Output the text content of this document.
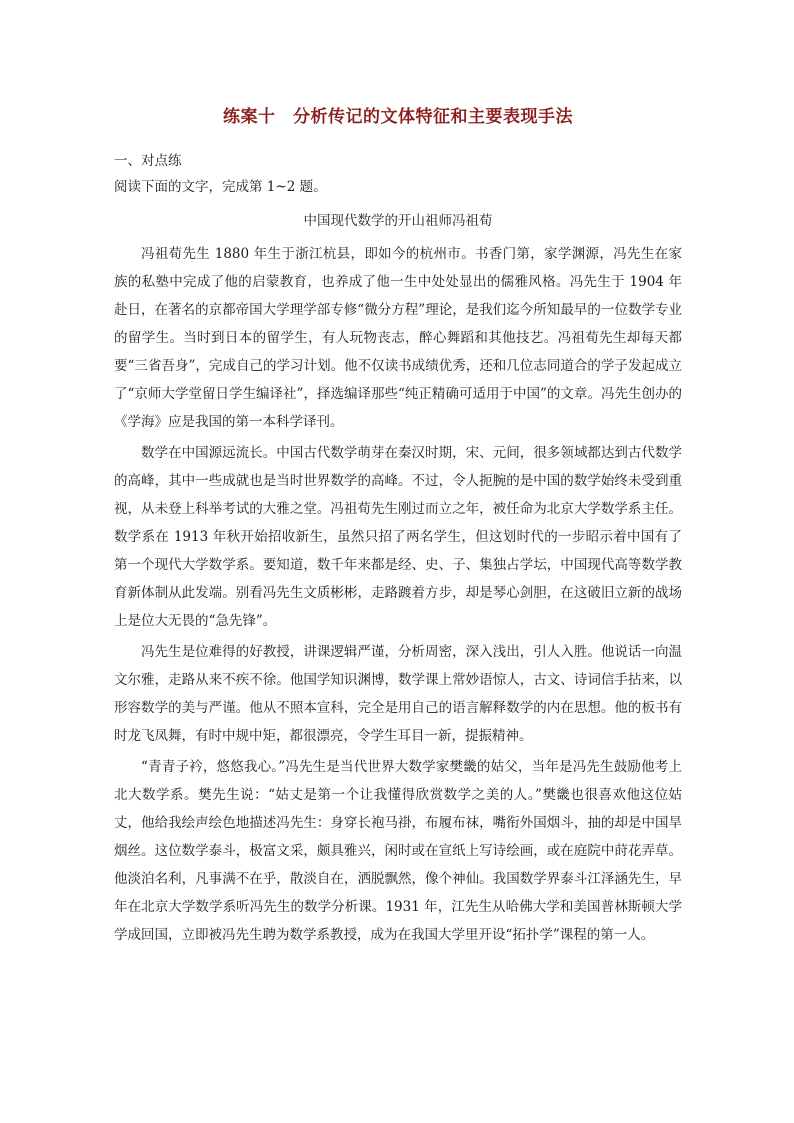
练案十　分析传记的文体特征和主要表现手法
一、对点练
阅读下面的文字，完成第 1~2 题。
中国现代数学的开山祖师冯祖荀

冯祖荀先生 1880 年生于浙江杭县，即如今的杭州市。书香门第，家学渊源，冯先生在家族的私塾中完成了他的启蒙教育，也养成了他一生中处处显出的儒雅风格。冯先生于 1904 年赴日，在著名的京都帝国大学理学部专修“微分方程”理论，是我们迄今所知最早的一位数学专业的留学生。当时到日本的留学生，有人玩物丧志，醉心舞蹈和其他技艺。冯祖荀先生却每天都要“三省吾身”，完成自己的学习计划。他不仅读书成绩优秀，还和几位志同道合的学子发起成立了“京师大学堂留日学生编译社”，择选编译那些“纯正精确可适用于中国”的文章。冯先生创办的《学海》应是我国的第一本科学译刊。

数学在中国源远流长。中国古代数学萌芽在秦汉时期，宋、元间，很多领域都达到古代数学的高峰，其中一些成就也是当时世界数学的高峰。不过，令人扼腕的是中国的数学始终未受到重视，从未登上科举考试的大雅之堂。冯祖荀先生刚过而立之年，被任命为北京大学数学系主任。数学系在 1913 年秋开始招收新生，虽然只招了两名学生，但这划时代的一步昭示着中国有了第一个现代大学数学系。要知道，数千年来都是经、史、子、集独占学坛，中国现代高等数学教育新体制从此发端。别看冯先生文质彬彬，走路踱着方步，却是琴心剑胆，在这破旧立新的战场上是位大无畏的“急先锋”。

冯先生是位难得的好教授，讲课逻辑严谨，分析周密，深入浅出，引人入胜。他说话一向温文尔雅，走路从来不疾不徐。他国学知识渊博，数学课上常妙语惊人，古文、诗词信手拈来，以形容数学的美与严谨。他从不照本宣科，完全是用自己的语言解释数学的内在思想。他的板书有时龙飞凤舞，有时中规中矩，都很漂亮，令学生耳目一新，提振精神。

“青青子衿，悠悠我心。”冯先生是当代世界大数学家樊畿的姑父，当年是冯先生鼓励他考上北大数学系。樊先生说：“姑丈是第一个让我懂得欣赏数学之美的人。”樊畿也很喜欢他这位姑丈，他给我绘声绘色地描述冯先生：身穿长袍马褂，布履布袜，嘴衔外国烟斗，抽的却是中国旱烟丝。这位数学泰斗，极富文采，颇具雅兴，闲时或在宣纸上写诗绘画，或在庭院中莳花弄草。他淡泊名利，凡事满不在乎，散淡自在，洒脱飘然，像个神仙。我国数学界泰斗江泽涵先生，早年在北京大学数学系听冯先生的数学分析课。1931 年，江先生从哈佛大学和美国普林斯顿大学学成回国，立即被冯先生聘为数学系教授，成为在我国大学里开设“拓扑学”课程的第一人。
